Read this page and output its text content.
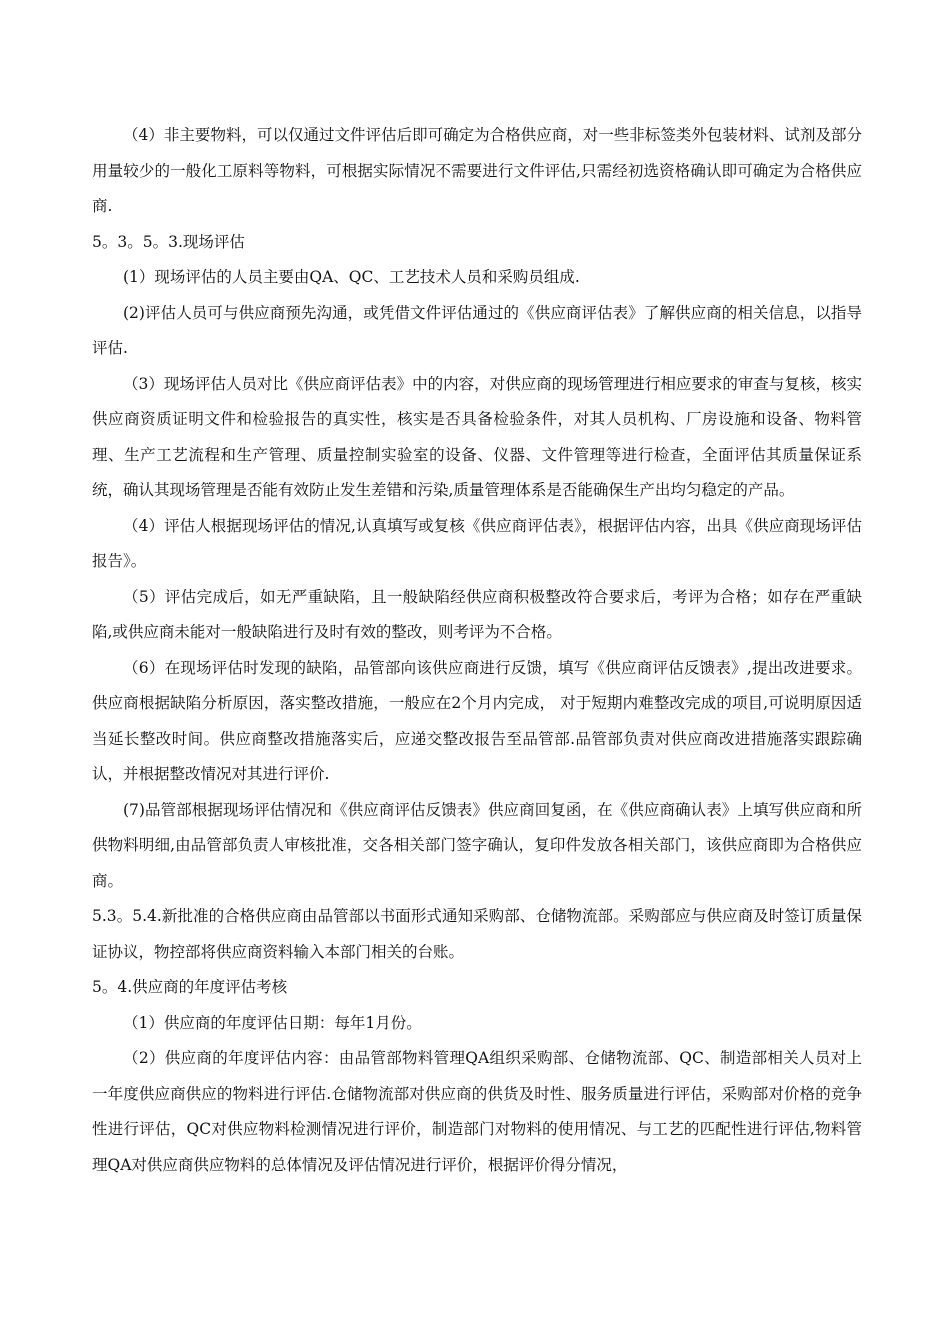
（4）非主要物料，可以仅通过文件评估后即可确定为合格供应商，对一些非标签类外包装材料、试剂及部分用量较少的一般化工原料等物料，可根据实际情况不需要进行文件评估,只需经初选资格确认即可确定为合格供应商.

5。3。5。3.现场评估

(1）现场评估的人员主要由QA、QC、工艺技术人员和采购员组成.

(2)评估人员可与供应商预先沟通，或凭借文件评估通过的《供应商评估表》了解供应商的相关信息，以指导评估.

（3）现场评估人员对比《供应商评估表》中的内容，对供应商的现场管理进行相应要求的审查与复核，核实供应商资质证明文件和检验报告的真实性，核实是否具备检验条件，对其人员机构、厂房设施和设备、物料管理、生产工艺流程和生产管理、质量控制实验室的设备、仪器、文件管理等进行检查，全面评估其质量保证系统，确认其现场管理是否能有效防止发生差错和污染,质量管理体系是否能确保生产出均匀稳定的产品。

（4）评估人根据现场评估的情况,认真填写或复核《供应商评估表》，根据评估内容，出具《供应商现场评估报告》。

（5）评估完成后，如无严重缺陷，且一般缺陷经供应商积极整改符合要求后，考评为合格；如存在严重缺陷,或供应商未能对一般缺陷进行及时有效的整改，则考评为不合格。

（6）在现场评估时发现的缺陷，品管部向该供应商进行反馈，填写《供应商评估反馈表》,提出改进要求。供应商根据缺陷分析原因，落实整改措施，一般应在2个月内完成， 对于短期内难整改完成的项目,可说明原因适当延长整改时间。供应商整改措施落实后，应递交整改报告至品管部.品管部负责对供应商改进措施落实跟踪确认，并根据整改情况对其进行评价.

(7)品管部根据现场评估情况和《供应商评估反馈表》供应商回复函，在《供应商确认表》上填写供应商和所供物料明细,由品管部负责人审核批准，交各相关部门签字确认，复印件发放各相关部门，该供应商即为合格供应商。

5.3。5.4.新批准的合格供应商由品管部以书面形式通知采购部、仓储物流部。采购部应与供应商及时签订质量保证协议，物控部将供应商资料输入本部门相关的台账。

5。4.供应商的年度评估考核

（1）供应商的年度评估日期：每年1月份。

（2）供应商的年度评估内容：由品管部物料管理QA组织采购部、仓储物流部、QC、制造部相关人员对上一年度供应商供应的物料进行评估.仓储物流部对供应商的供货及时性、服务质量进行评估，采购部对价格的竞争性进行评估，QC对供应物料检测情况进行评价，制造部门对物料的使用情况、与工艺的匹配性进行评估,物料管理QA对供应商供应物料的总体情况及评估情况进行评价，根据评价得分情况，
